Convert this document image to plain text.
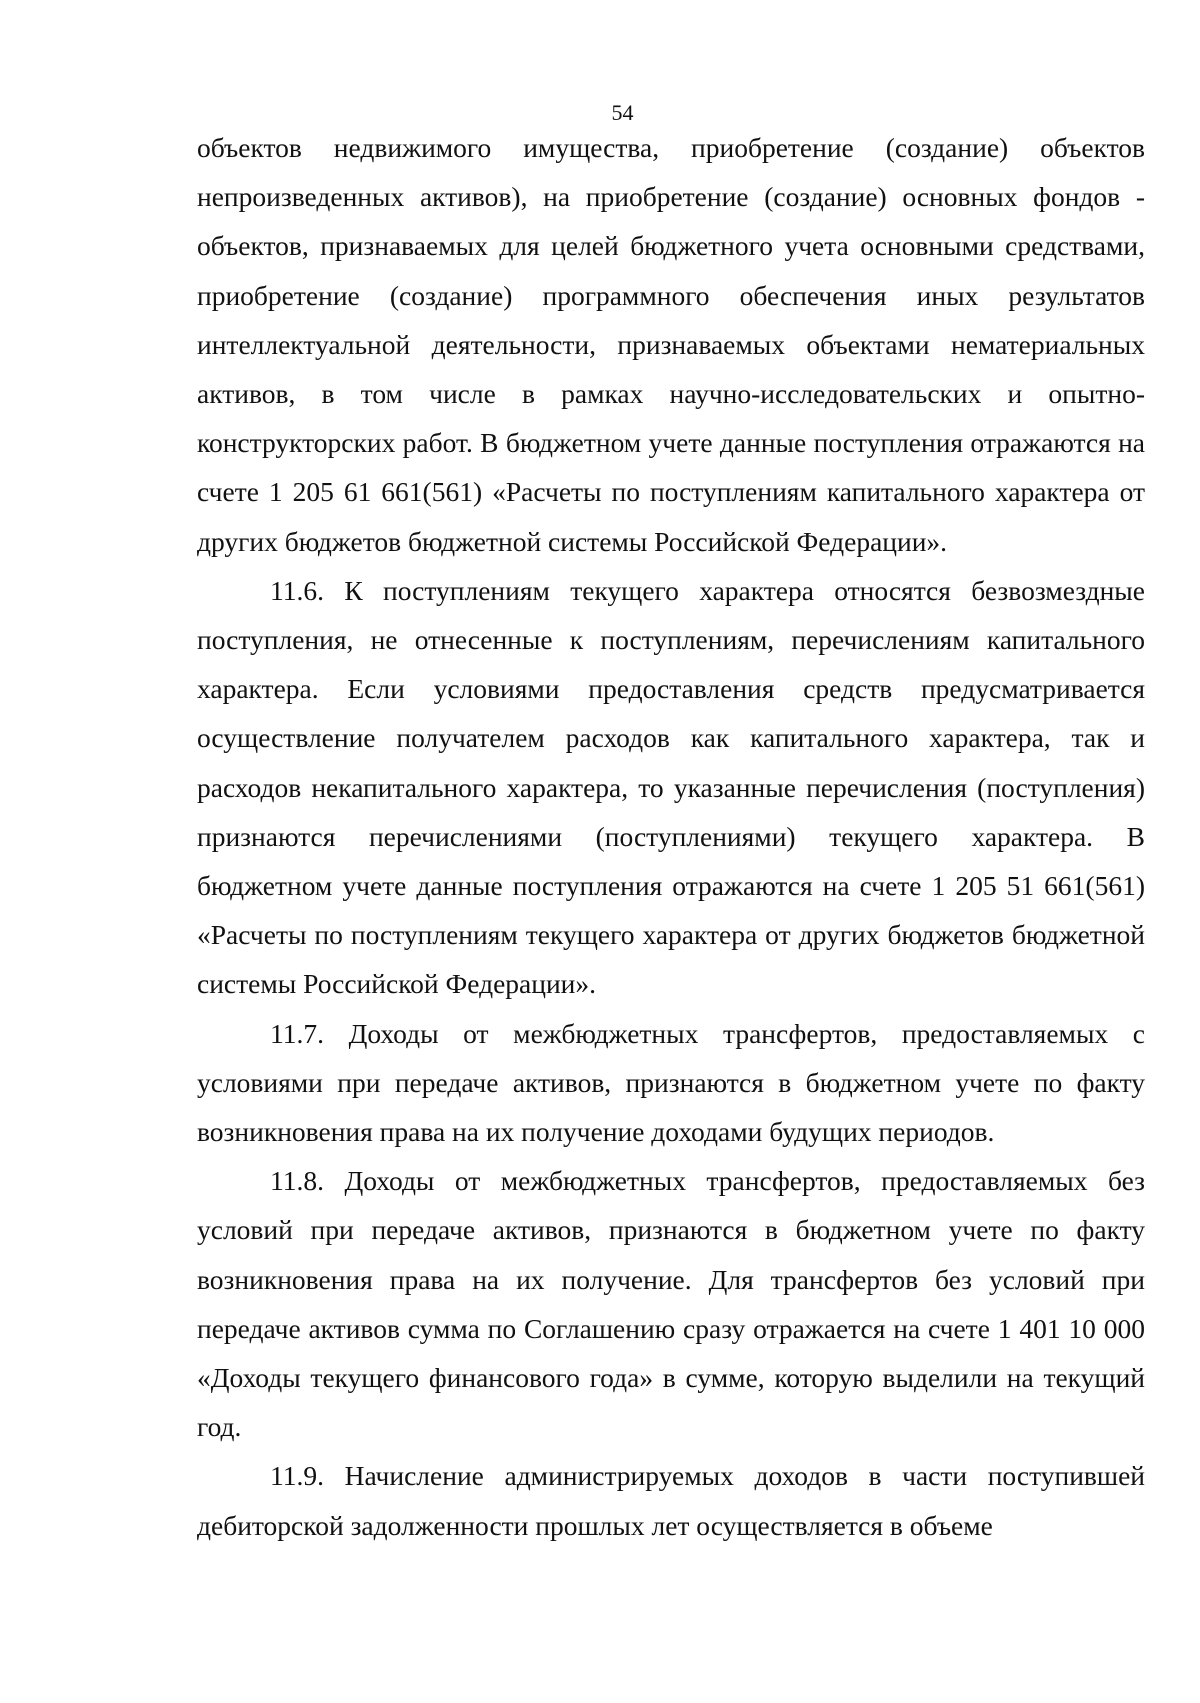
54

объектов недвижимого имущества, приобретение (создание) объектов непроизведенных активов), на приобретение (создание) основных фондов - объектов, признаваемых для целей бюджетного учета основными средствами, приобретение (создание) программного обеспечения иных результатов интеллектуальной деятельности, признаваемых объектами нематериальных активов, в том числе в рамках научно-исследовательских и опытно-конструкторских работ. В бюджетном учете данные поступления отражаются на счете 1 205 61 661(561) «Расчеты по поступлениям капитального характера от других бюджетов бюджетной системы Российской Федерации».

11.6. К поступлениям текущего характера относятся безвозмездные поступления, не отнесенные к поступлениям, перечислениям капитального характера. Если условиями предоставления средств предусматривается осуществление получателем расходов как капитального характера, так и расходов некапитального характера, то указанные перечисления (поступления) признаются перечислениями (поступлениями) текущего характера. В бюджетном учете данные поступления отражаются на счете 1 205 51 661(561) «Расчеты по поступлениям текущего характера от других бюджетов бюджетной системы Российской Федерации».

11.7. Доходы от межбюджетных трансфертов, предоставляемых с условиями при передаче активов, признаются в бюджетном учете по факту возникновения права на их получение доходами будущих периодов.

11.8. Доходы от межбюджетных трансфертов, предоставляемых без условий при передаче активов, признаются в бюджетном учете по факту возникновения права на их получение. Для трансфертов без условий при передаче активов сумма по Соглашению сразу отражается на счете 1 401 10 000 «Доходы текущего финансового года» в сумме, которую выделили на текущий год.

11.9. Начисление администрируемых доходов в части поступившей дебиторской задолженности прошлых лет осуществляется в объеме
